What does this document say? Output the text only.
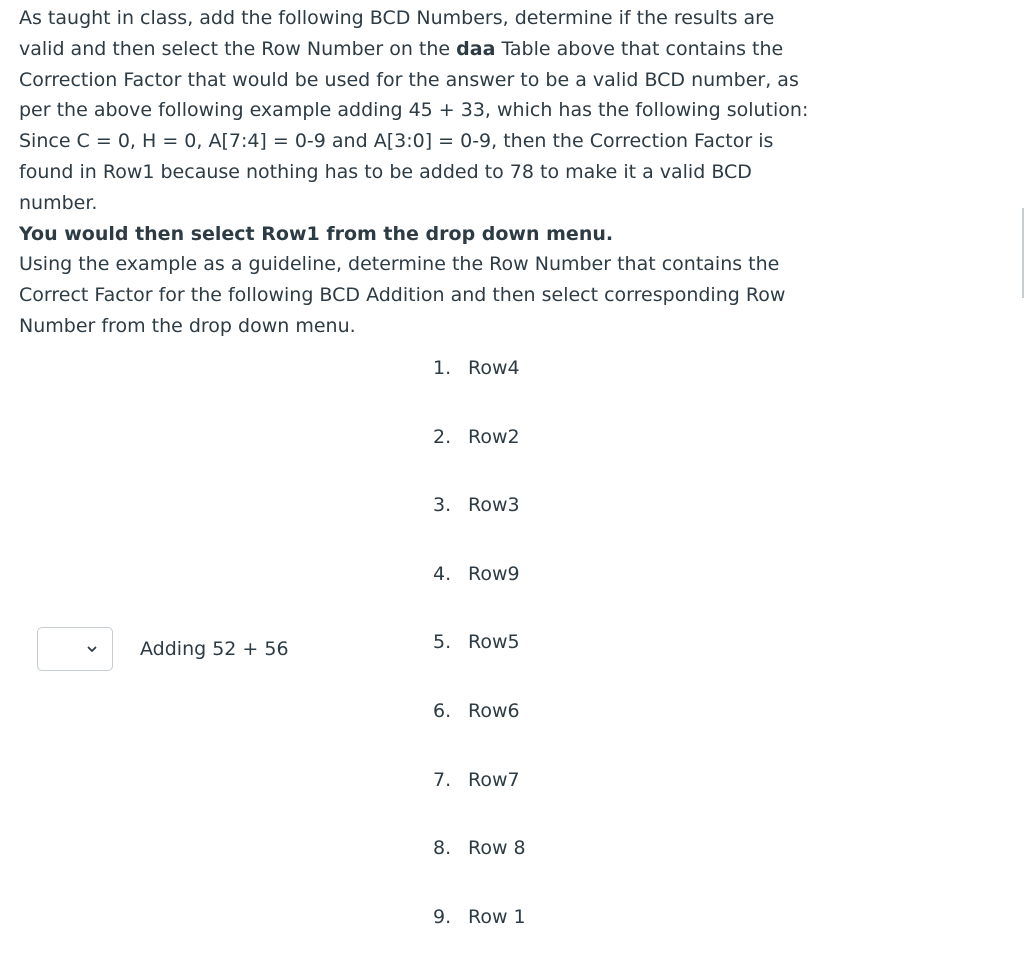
As taught in class, add the following BCD Numbers, determine if the results are valid and then select the Row Number on the daa Table above that contains the Correction Factor that would be used for the answer to be a valid BCD number, as per the above following example adding 45 + 33, which has the following solution: Since C = 0, H = 0, A[7:4] = 0-9 and A[3:0] = 0-9, then the Correction Factor is found in Row1 because nothing has to be added to 78 to make it a valid BCD number.

You would then select Row1 from the drop down menu.

Using the example as a guideline, determine the Row Number that contains the Correct Factor for the following BCD Addition and then select corresponding Row Number from the drop down menu.

Adding 52 + 56
1. Row4
2. Row2
3. Row3
4. Row9
5. Row5
6. Row6
7. Row7
8. Row 8
9. Row 1
